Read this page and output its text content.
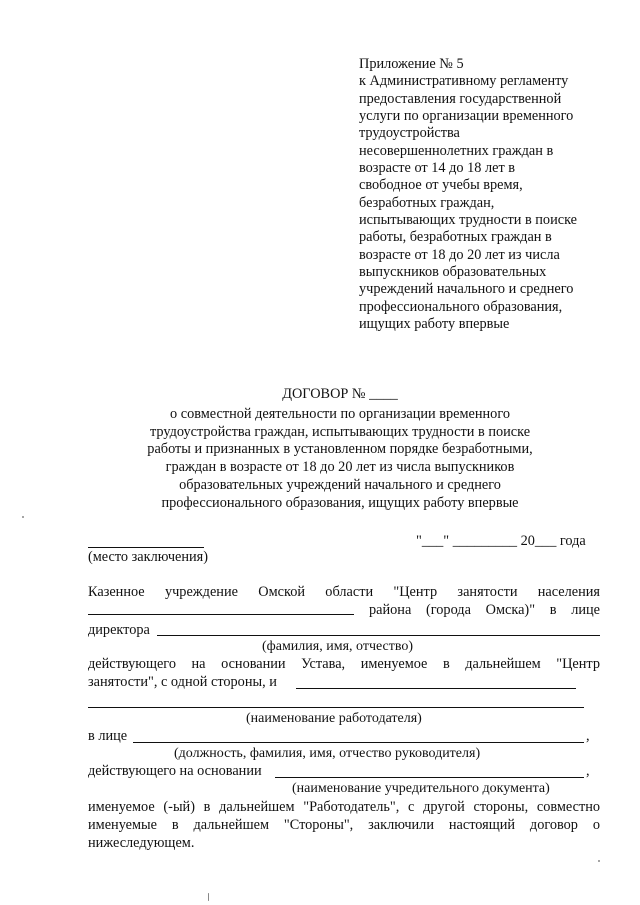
Приложение № 5
к Административному регламенту
предоставления государственной
услуги по организации временного
трудоустройства
несовершеннолетних граждан в
возрасте от 14 до 18 лет в
свободное от учебы время,
безработных граждан,
испытывающих трудности в поиске
работы, безработных граждан в
возрасте от 18 до 20 лет из числа
выпускников образовательных
учреждений начального и среднего
профессионального образования,
ищущих работу впервые
ДОГОВОР № ____
о совместной деятельности по организации временного
трудоустройства граждан, испытывающих трудности в поиске
работы и признанных в установленном порядке безработными,
граждан в возрасте от 18 до 20 лет из числа выпускников
образовательных учреждений начального и среднего
профессионального образования, ищущих работу впервые
"___" _________ 20___ года
(место заключения)
Казенное учреждение Омской области "Центр занятости населения
района (города Омска)" в лице
директора
(фамилия, имя, отчество)
действующего на основании Устава, именуемое в дальнейшем "Центр
занятости", с одной стороны, и
(наименование работодателя)
в лице	,
(должность, фамилия, имя, отчество руководителя)
действующего на основании	,
(наименование учредительного документа)
именуемое (-ый) в дальнейшем "Работодатель", с другой стороны, совместно
именуемые в дальнейшем "Стороны", заключили настоящий договор о
нижеследующем.
